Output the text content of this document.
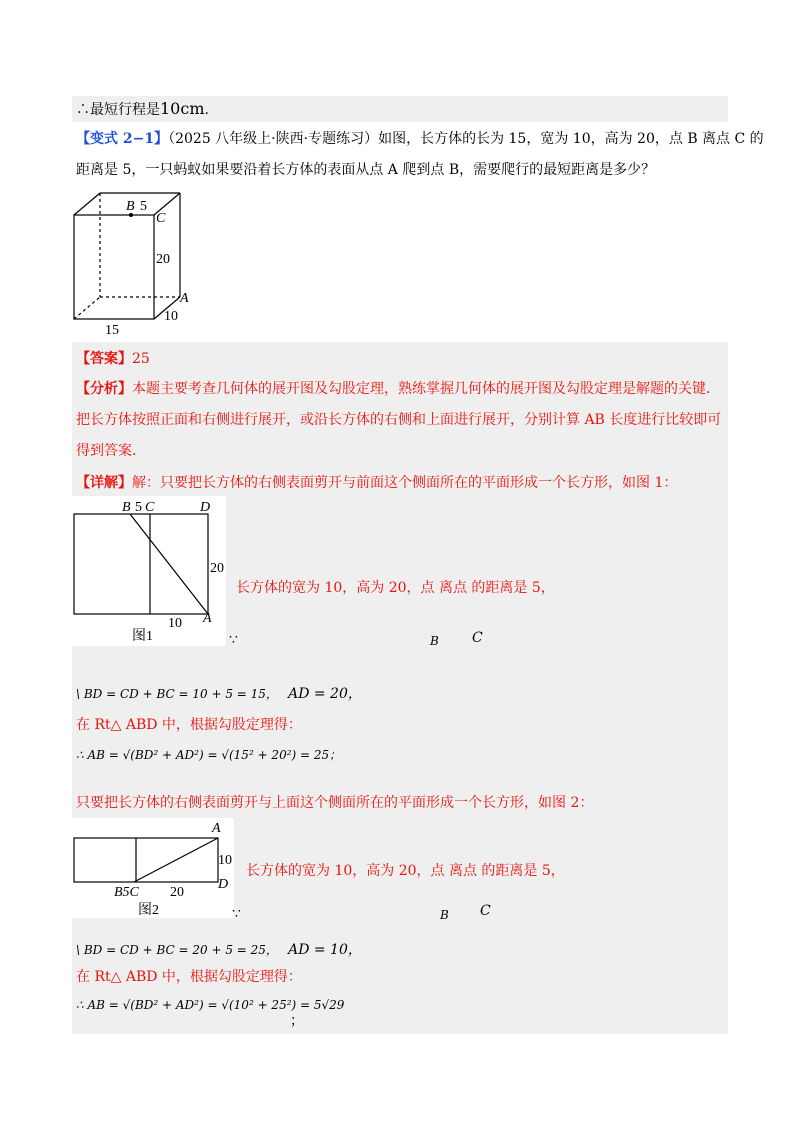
∴最短行程是10cm.
【变式 2−1】（2025 八年级上·陕西·专题练习）如图，长方体的长为 15，宽为 10，高为 20，点 B 离点 C 的
距离是 5，一只蚂蚁如果要沿着长方体的表面从点 A 爬到点 B，需要爬行的最短距离是多少？
B 5
C
20
A
10
15
【答案】25
【分析】本题主要考查几何体的展开图及勾股定理，熟练掌握几何体的展开图及勾股定理是解题的关键．
把长方体按照正面和右侧进行展开，或沿长方体的右侧和上面进行展开，分别计算 AB 长度进行比较即可
得到答案．
【详解】解：只要把长方体的右侧表面剪开与前面这个侧面所在的平面形成一个长方形，如图 1：
B 5 C	D
20
10 A
图1
长方体的宽为 10，高为 20，点 离点 的距离是 5，
∵	B C
\ BD = CD + BC = 10 + 5 = 15， AD = 20，
在 Rt△ ABD 中，根据勾股定理得：
∴ AB = √(BD² + AD²) = √(15² + 20²) = 25；
只要把长方体的右侧表面剪开与上面这个侧面所在的平面形成一个长方形，如图 2：
A
10
D
B5C 20
图2
长方体的宽为 10，高为 20，点 离点 的距离是 5，
∵	B C
\ BD = CD + BC = 20 + 5 = 25， AD = 10，
在 Rt△ ABD 中，根据勾股定理得：
∴ AB = √(BD² + AD²) = √(10² + 25²) = 5√29
；
